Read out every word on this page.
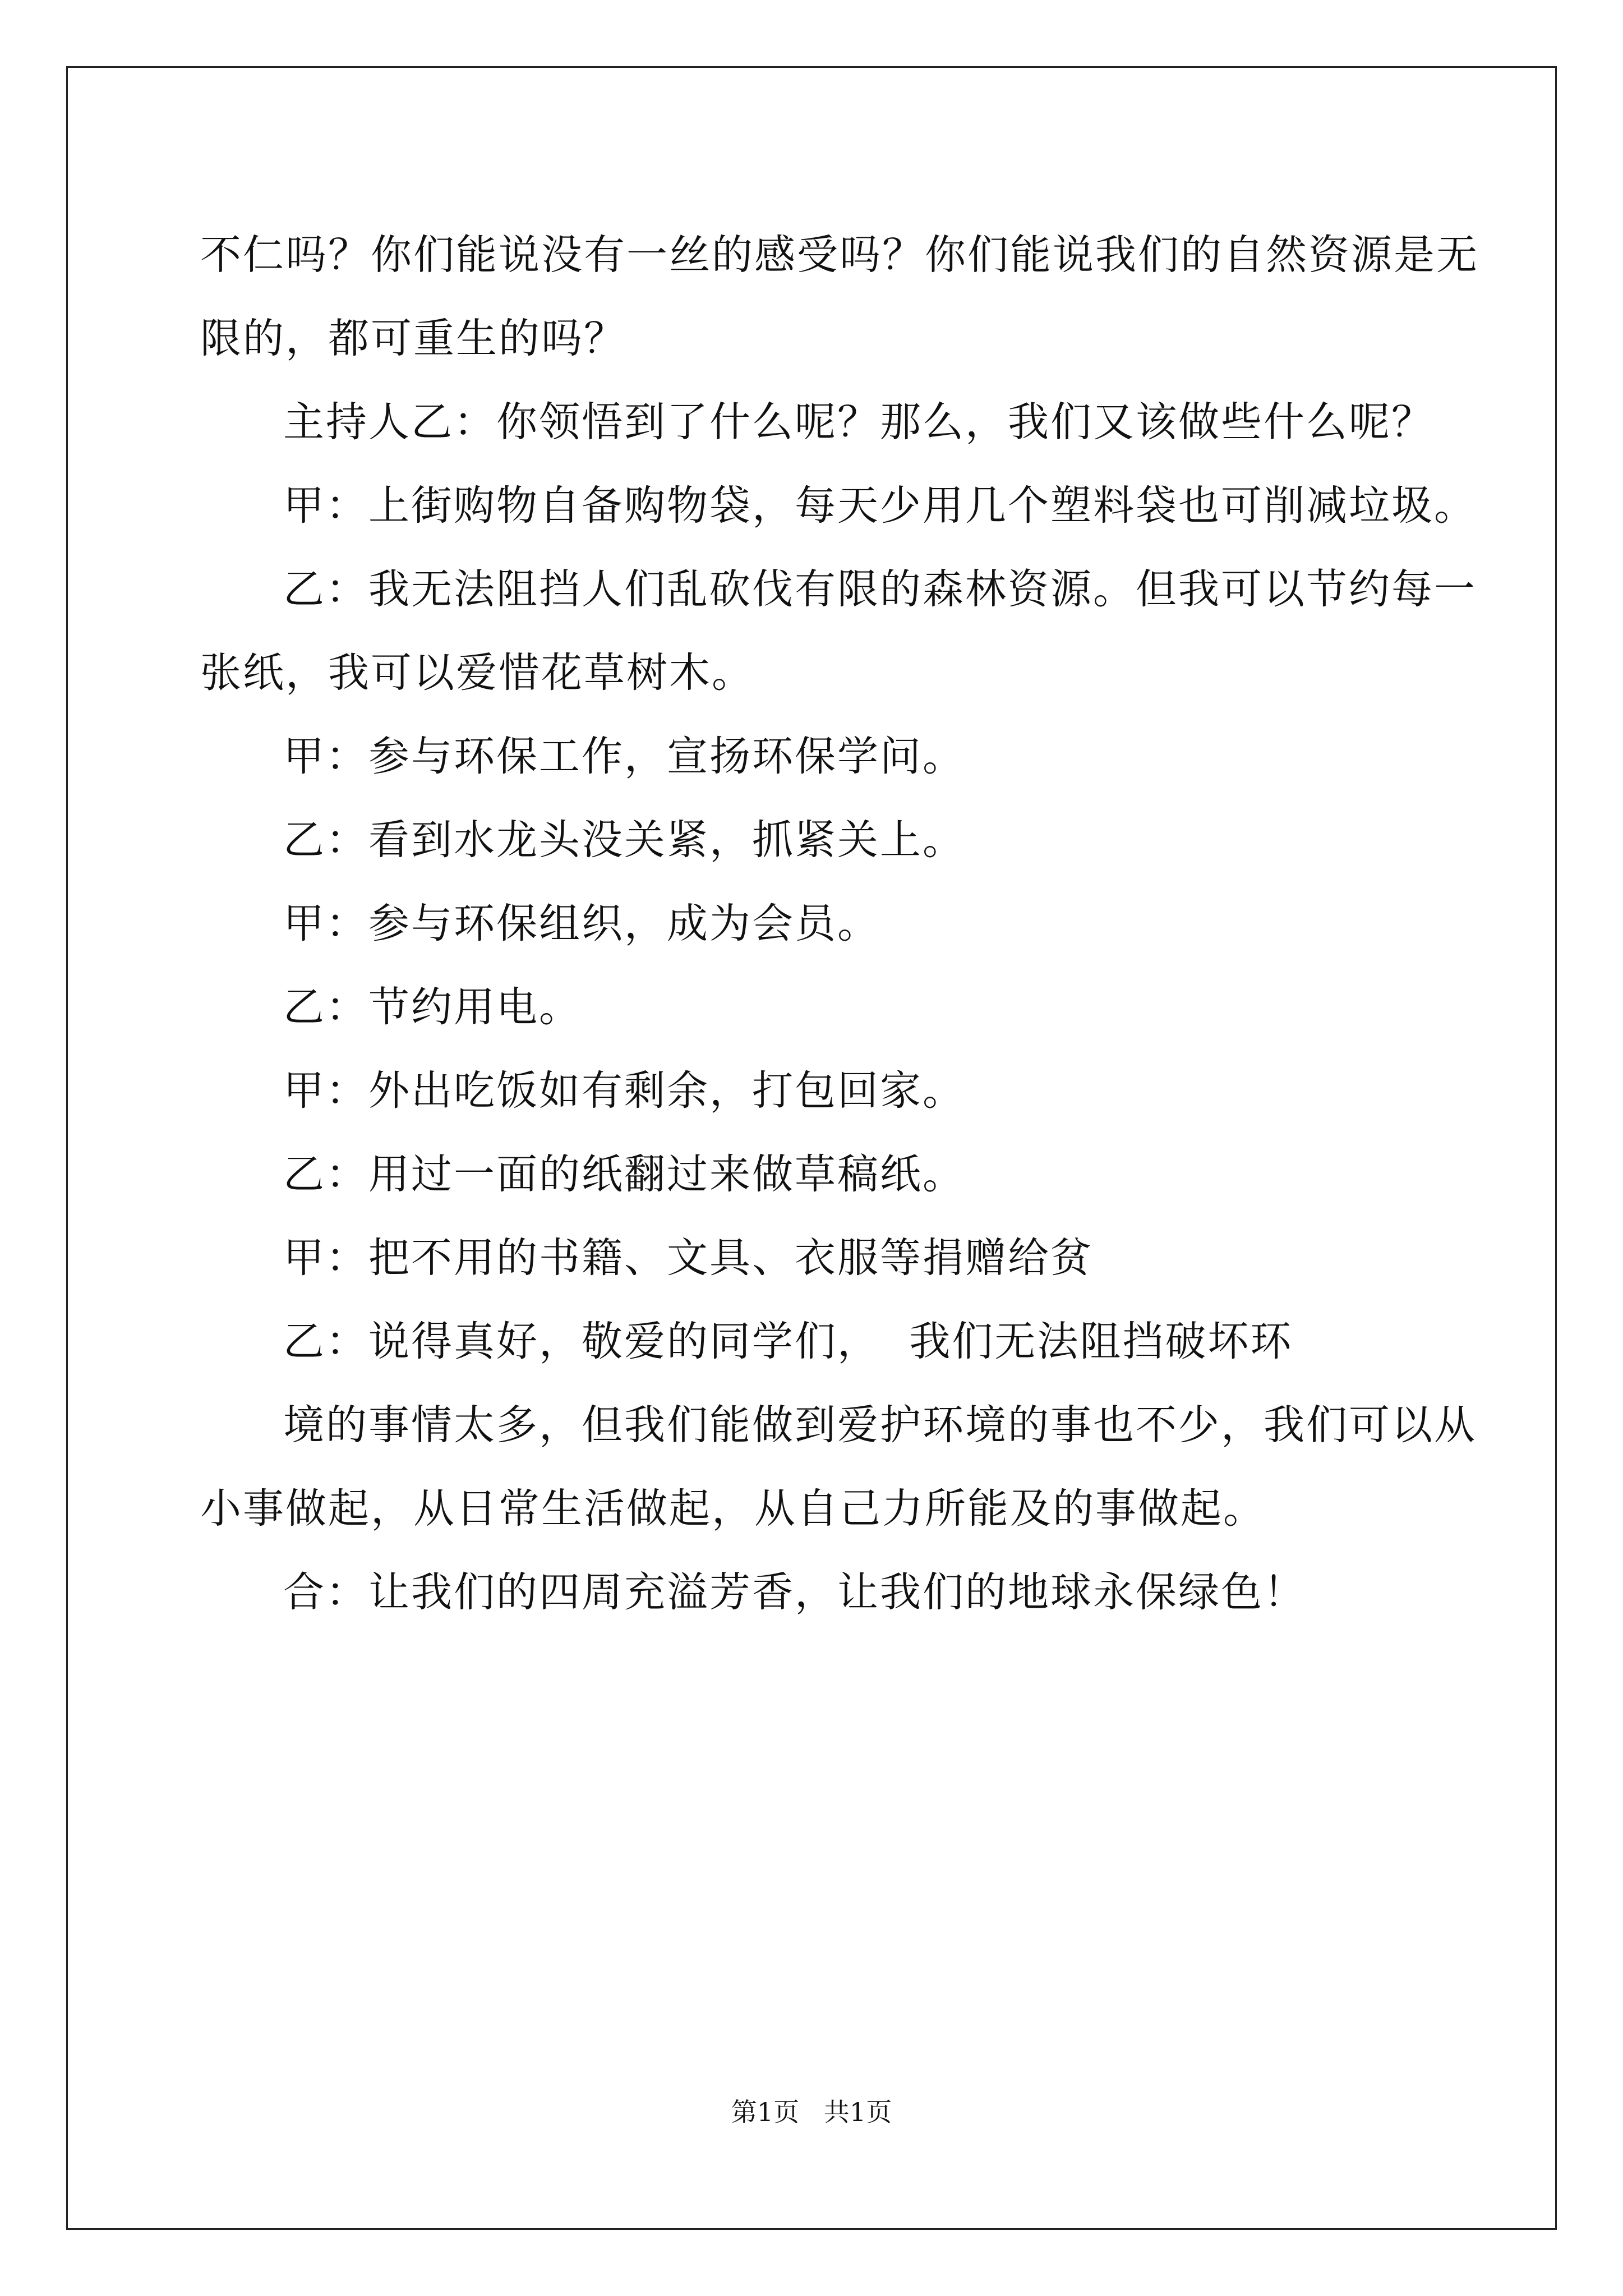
不仁吗？你们能说没有一丝的感受吗？你们能说我们的自然资源是无

限的，都可重生的吗？

主持人乙：你领悟到了什么呢？那么，我们又该做些什么呢？

甲：上街购物自备购物袋，每天少用几个塑料袋也可削减垃圾。

乙：我无法阻挡人们乱砍伐有限的森林资源。但我可以节约每一

张纸，我可以爱惜花草树木。

甲：参与环保工作，宣扬环保学问。

乙：看到水龙头没关紧，抓紧关上。

甲：参与环保组织，成为会员。

乙：节约用电。

甲：外出吃饭如有剩余，打包回家。

乙：用过一面的纸翻过来做草稿纸。

甲：把不用的书籍、文具、衣服等捐赠给贫

乙：说得真好，敬爱的同学们，  我们无法阻挡破坏环

境的事情太多，但我们能做到爱护环境的事也不少，我们可以从

小事做起，从日常生活做起，从自己力所能及的事做起。

合：让我们的四周充溢芳香，让我们的地球永保绿色！

第1页   共1页
